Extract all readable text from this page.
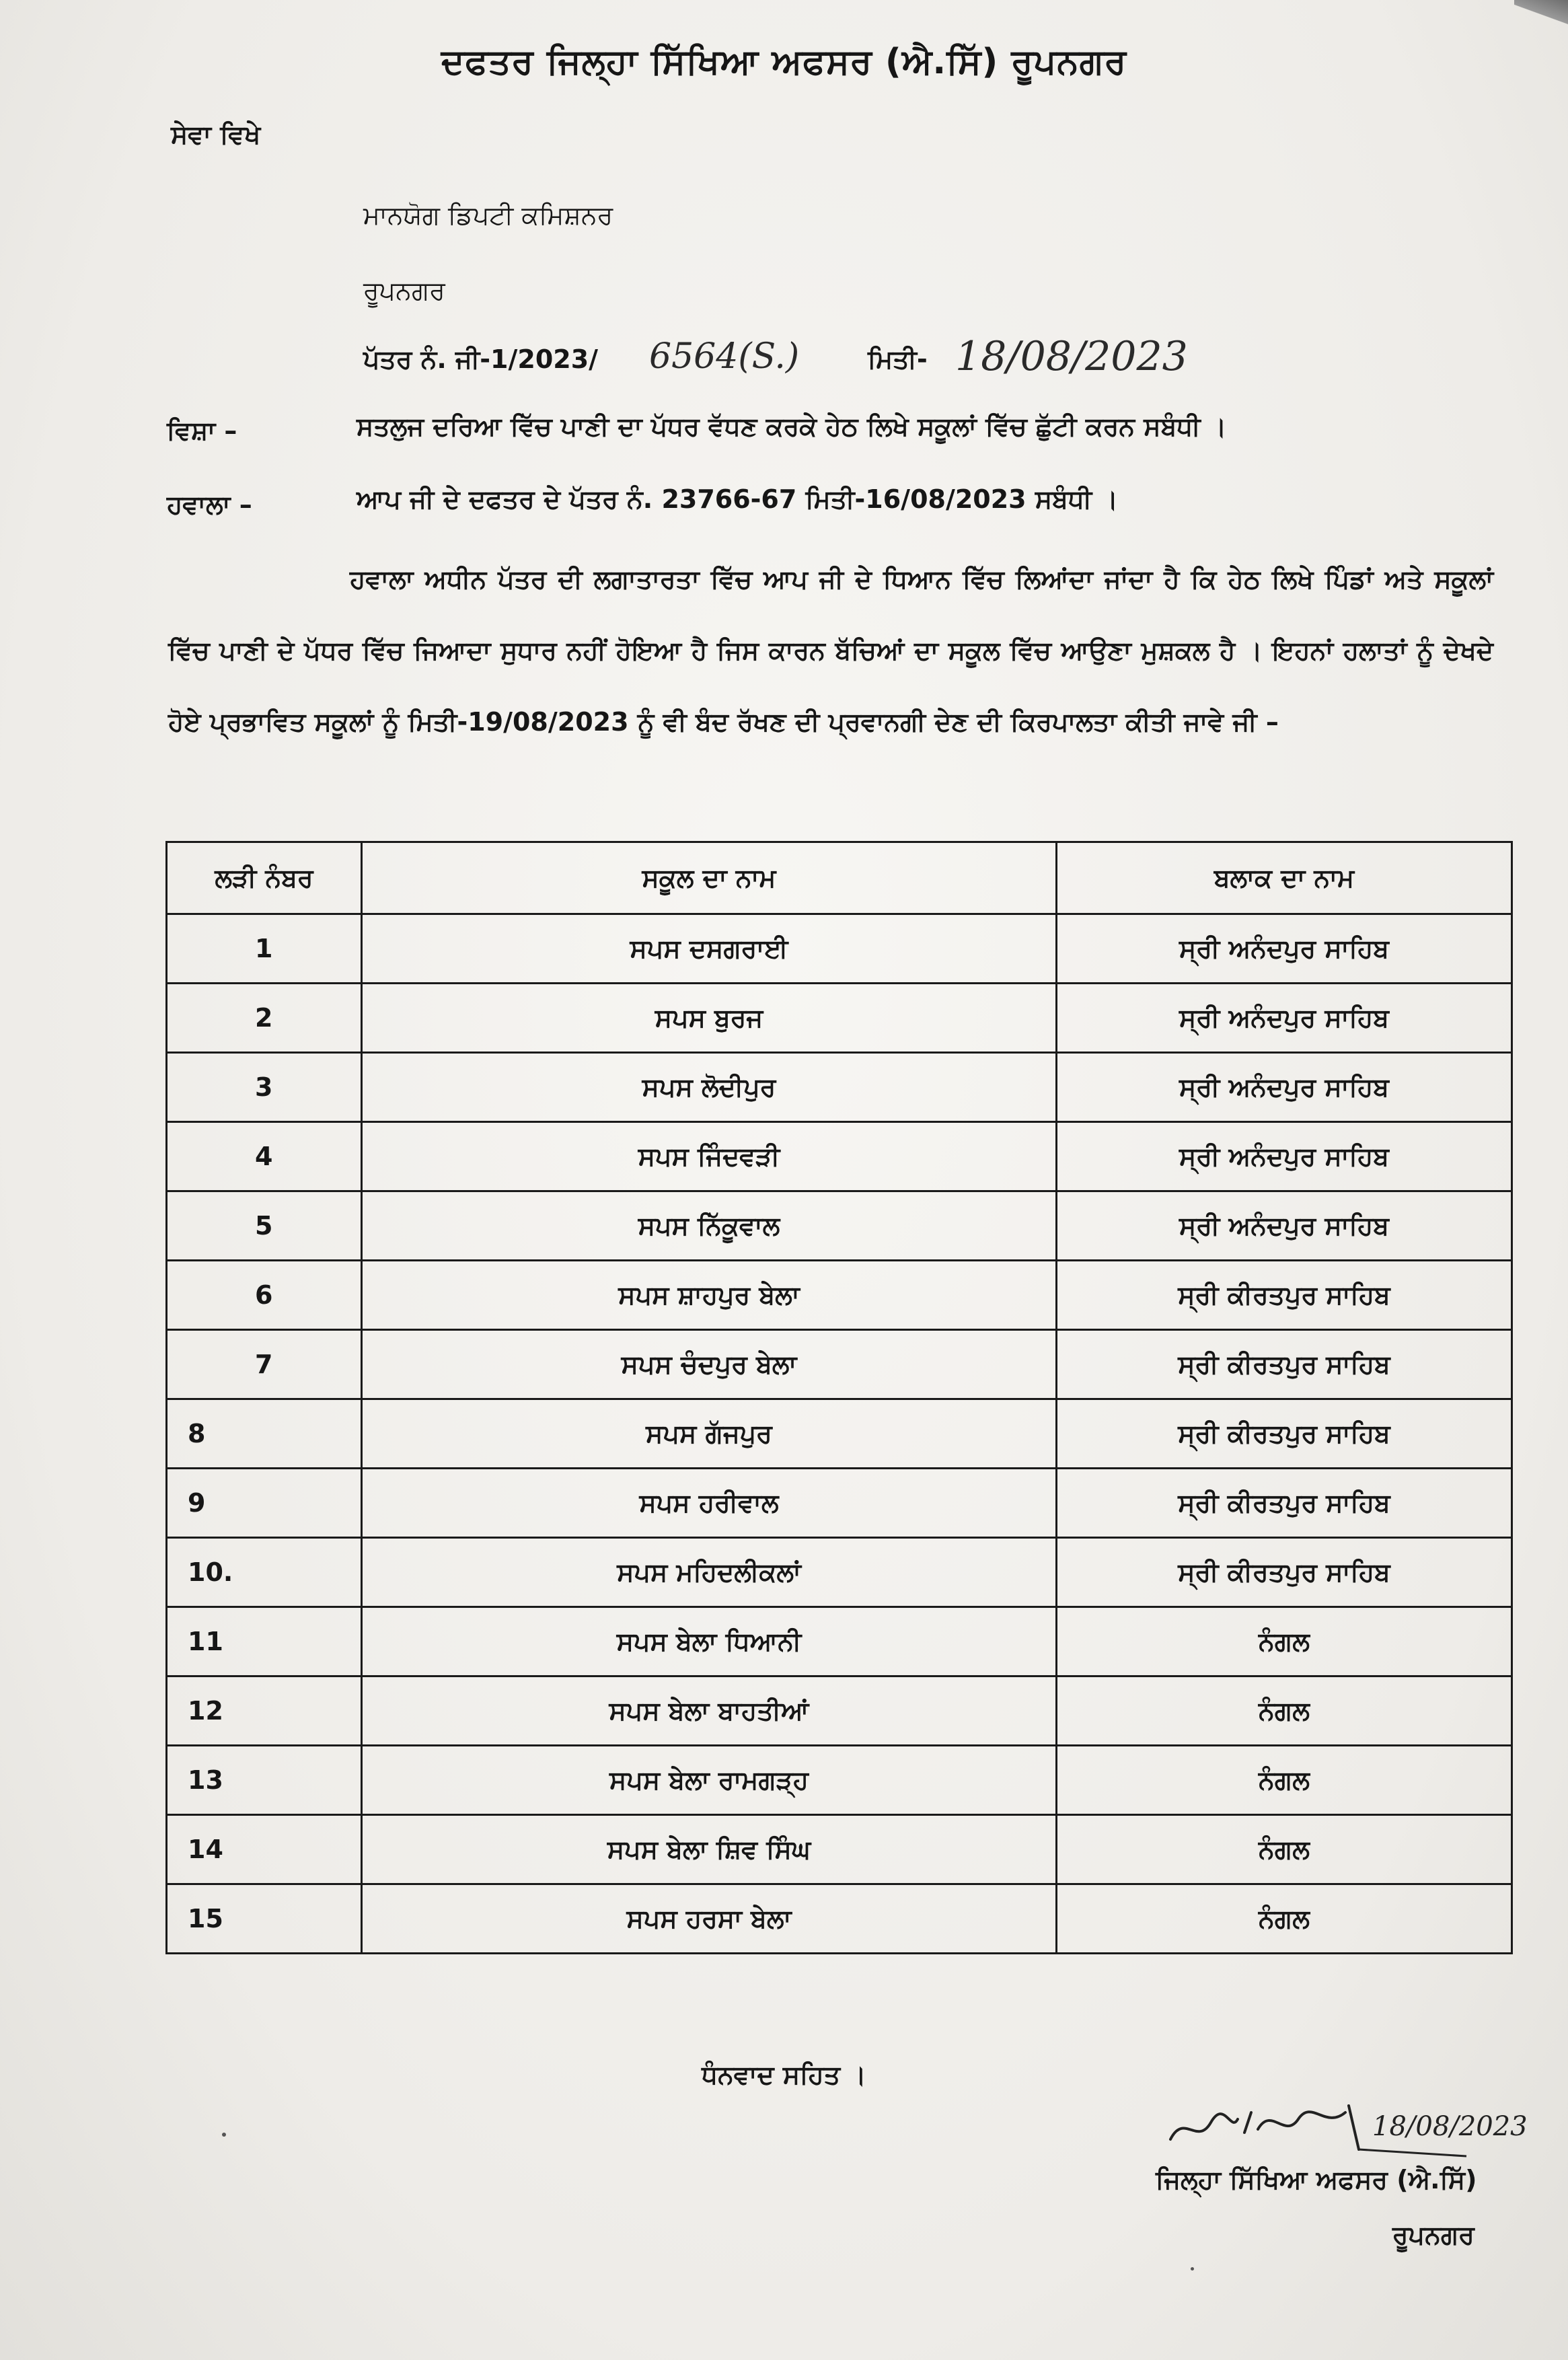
ਦਫਤਰ ਜਿਲ੍ਹਾ ਸਿੱਖਿਆ ਅਫਸਰ (ਐ.ਸਿੱ) ਰੂਪਨਗਰ
ਸੇਵਾ ਵਿਖੇ
ਮਾਨਯੋਗ ਡਿਪਟੀ ਕਮਿਸ਼ਨਰ
ਰੂਪਨਗਰ
ਪੱਤਰ ਨੰ. ਜੀ-1/2023/ 6564(S.)	ਮਿਤੀ- 18/08/2023
ਵਿਸ਼ਾ –	ਸਤਲੁਜ ਦਰਿਆ ਵਿੱਚ ਪਾਣੀ ਦਾ ਪੱਧਰ ਵੱਧਣ ਕਰਕੇ ਹੇਠ ਲਿਖੇ ਸਕੂਲਾਂ ਵਿੱਚ ਛੁੱਟੀ ਕਰਨ ਸਬੰਧੀ ।
ਹਵਾਲਾ –	ਆਪ ਜੀ ਦੇ ਦਫਤਰ ਦੇ ਪੱਤਰ ਨੰ. 23766-67 ਮਿਤੀ-16/08/2023 ਸਬੰਧੀ ।
ਹਵਾਲਾ ਅਧੀਨ ਪੱਤਰ ਦੀ ਲਗਾਤਾਰਤਾ ਵਿੱਚ ਆਪ ਜੀ ਦੇ ਧਿਆਨ ਵਿੱਚ ਲਿਆਂਦਾ ਜਾਂਦਾ ਹੈ ਕਿ ਹੇਠ ਲਿਖੇ ਪਿੰਡਾਂ ਅਤੇ ਸਕੂਲਾਂ ਵਿੱਚ ਪਾਣੀ ਦੇ ਪੱਧਰ ਵਿੱਚ ਜਿਆਦਾ ਸੁਧਾਰ ਨਹੀਂ ਹੋਇਆ ਹੈ ਜਿਸ ਕਾਰਨ ਬੱਚਿਆਂ ਦਾ ਸਕੂਲ ਵਿੱਚ ਆਉਣਾ ਮੁਸ਼ਕਲ ਹੈ । ਇਹਨਾਂ ਹਲਾਤਾਂ ਨੂੰ ਦੇਖਦੇ ਹੋਏ ਪ੍ਰਭਾਵਿਤ ਸਕੂਲਾਂ ਨੂੰ ਮਿਤੀ-19/08/2023 ਨੂੰ ਵੀ ਬੰਦ ਰੱਖਣ ਦੀ ਪ੍ਰਵਾਨਗੀ ਦੇਣ ਦੀ ਕਿਰਪਾਲਤਾ ਕੀਤੀ ਜਾਵੇ ਜੀ –
ਲੜੀ ਨੰਬਰ	ਸਕੂਲ ਦਾ ਨਾਮ	ਬਲਾਕ ਦਾ ਨਾਮ
1	ਸਪਸ ਦਸਗਰਾਈ	ਸ੍ਰੀ ਅਨੰਦਪੁਰ ਸਾਹਿਬ
2	ਸਪਸ ਬੁਰਜ	ਸ੍ਰੀ ਅਨੰਦਪੁਰ ਸਾਹਿਬ
3	ਸਪਸ ਲੋਦੀਪੁਰ	ਸ੍ਰੀ ਅਨੰਦਪੁਰ ਸਾਹਿਬ
4	ਸਪਸ ਜਿੰਦਵੜੀ	ਸ੍ਰੀ ਅਨੰਦਪੁਰ ਸਾਹਿਬ
5	ਸਪਸ ਨਿੱਕੂਵਾਲ	ਸ੍ਰੀ ਅਨੰਦਪੁਰ ਸਾਹਿਬ
6	ਸਪਸ ਸ਼ਾਹਪੁਰ ਬੇਲਾ	ਸ੍ਰੀ ਕੀਰਤਪੁਰ ਸਾਹਿਬ
7	ਸਪਸ ਚੰਦਪੁਰ ਬੇਲਾ	ਸ੍ਰੀ ਕੀਰਤਪੁਰ ਸਾਹਿਬ
8	ਸਪਸ ਗੱਜਪੁਰ	ਸ੍ਰੀ ਕੀਰਤਪੁਰ ਸਾਹਿਬ
9	ਸਪਸ ਹਰੀਵਾਲ	ਸ੍ਰੀ ਕੀਰਤਪੁਰ ਸਾਹਿਬ
10.	ਸਪਸ ਮਹਿਦਲੀਕਲਾਂ	ਸ੍ਰੀ ਕੀਰਤਪੁਰ ਸਾਹਿਬ
11	ਸਪਸ ਬੇਲਾ ਧਿਆਨੀ	ਨੰਗਲ
12	ਸਪਸ ਬੇਲਾ ਬਾਹਤੀਆਂ	ਨੰਗਲ
13	ਸਪਸ ਬੇਲਾ ਰਾਮਗੜ੍ਹ	ਨੰਗਲ
14	ਸਪਸ ਬੇਲਾ ਸ਼ਿਵ ਸਿੰਘ	ਨੰਗਲ
15	ਸਪਸ ਹਰਸਾ ਬੇਲਾ	ਨੰਗਲ
ਧੰਨਵਾਦ ਸਹਿਤ ।
18/08/2023
ਜਿਲ੍ਹਾ ਸਿੱਖਿਆ ਅਫਸਰ (ਐ.ਸਿੱ)
ਰੂਪਨਗਰ
